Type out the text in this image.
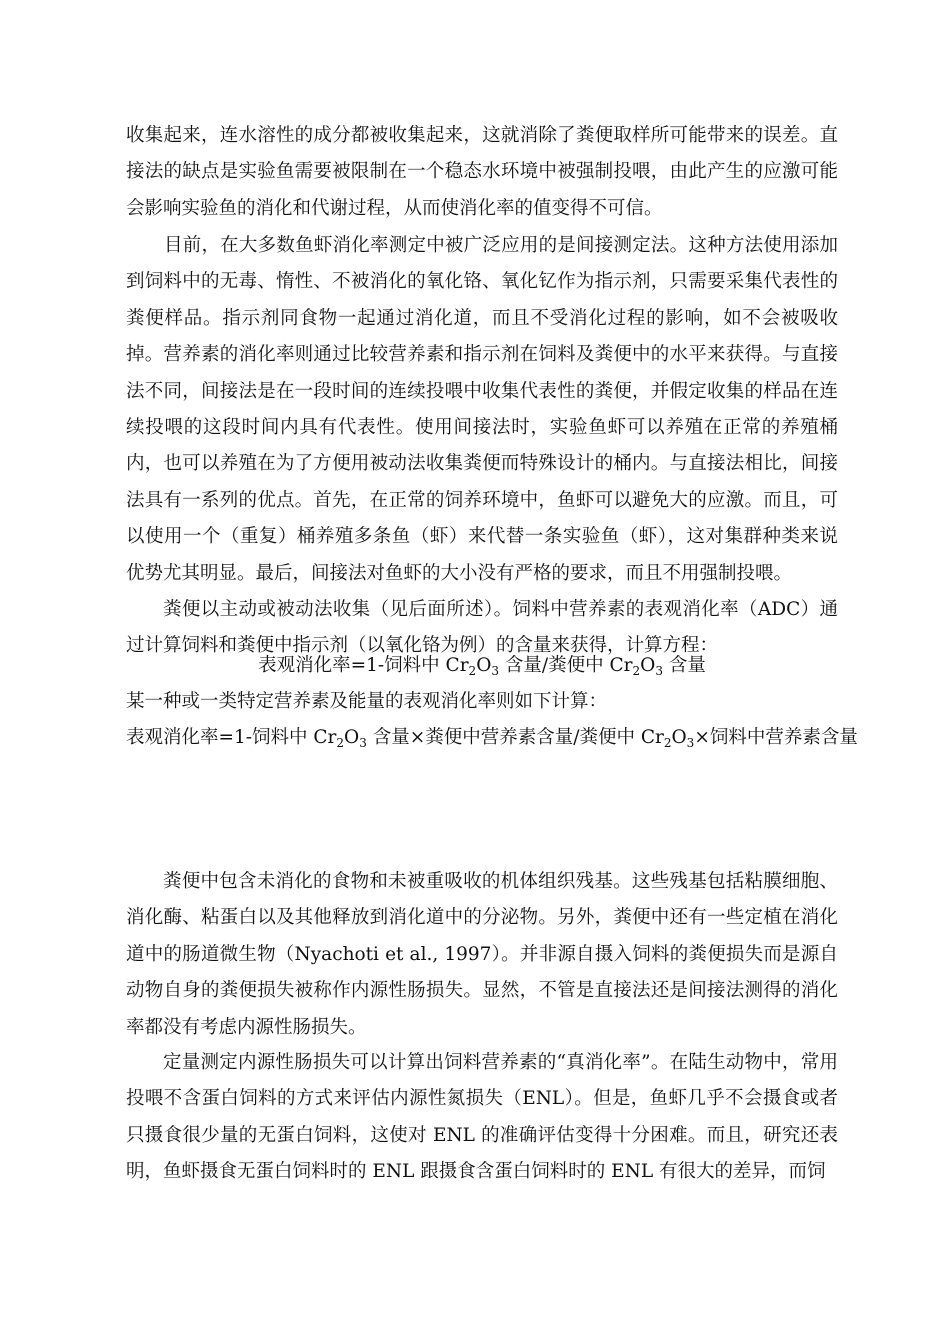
收集起来，连水溶性的成分都被收集起来，这就消除了粪便取样所可能带来的误差。直接法的缺点是实验鱼需要被限制在一个稳态水环境中被强制投喂，由此产生的应激可能会影响实验鱼的消化和代谢过程，从而使消化率的值变得不可信。

目前，在大多数鱼虾消化率测定中被广泛应用的是间接测定法。这种方法使用添加到饲料中的无毒、惰性、不被消化的氧化铬、氧化钇作为指示剂，只需要采集代表性的粪便样品。指示剂同食物一起通过消化道，而且不受消化过程的影响，如不会被吸收掉。营养素的消化率则通过比较营养素和指示剂在饲料及粪便中的水平来获得。与直接法不同，间接法是在一段时间的连续投喂中收集代表性的粪便，并假定收集的样品在连续投喂的这段时间内具有代表性。使用间接法时，实验鱼虾可以养殖在正常的养殖桶内，也可以养殖在为了方便用被动法收集粪便而特殊设计的桶内。与直接法相比，间接法具有一系列的优点。首先，在正常的饲养环境中，鱼虾可以避免大的应激。而且，可以使用一个（重复）桶养殖多条鱼（虾）来代替一条实验鱼（虾），这对集群种类来说优势尤其明显。最后，间接法对鱼虾的大小没有严格的要求，而且不用强制投喂。

粪便以主动或被动法收集（见后面所述）。饲料中营养素的表观消化率（ADC）通过计算饲料和粪便中指示剂（以氧化铬为例）的含量来获得，计算方程：

表观消化率=1-饲料中 $Cr_2O_3$ 含量/粪便中 $Cr_2O_3$ 含量

某一种或一类特定营养素及能量的表观消化率则如下计算：

表观消化率=1-饲料中 $Cr_2O_3$ 含量×粪便中营养素含量/粪便中 $Cr_2O_3\times$饲料中营养素含量

粪便中包含未消化的食物和未被重吸收的机体组织残基。这些残基包括粘膜细胞、消化酶、粘蛋白以及其他释放到消化道中的分泌物。另外，粪便中还有一些定植在消化道中的肠道微生物（Nyachoti et al., 1997）。并非源自摄入饲料的粪便损失而是源自动物自身的粪便损失被称作内源性肠损失。显然，不管是直接法还是间接法测得的消化率都没有考虑内源性肠损失。

定量测定内源性肠损失可以计算出饲料营养素的“真消化率”。在陆生动物中，常用投喂不含蛋白饲料的方式来评估内源性氮损失（ENL）。但是，鱼虾几乎不会摄食或者只摄食很少量的无蛋白饲料，这使对 ENL 的准确评估变得十分困难。而且，研究还表明，鱼虾摄食无蛋白饲料时的 ENL 跟摄食含蛋白饲料时的 ENL 有很大的差异，而饲
